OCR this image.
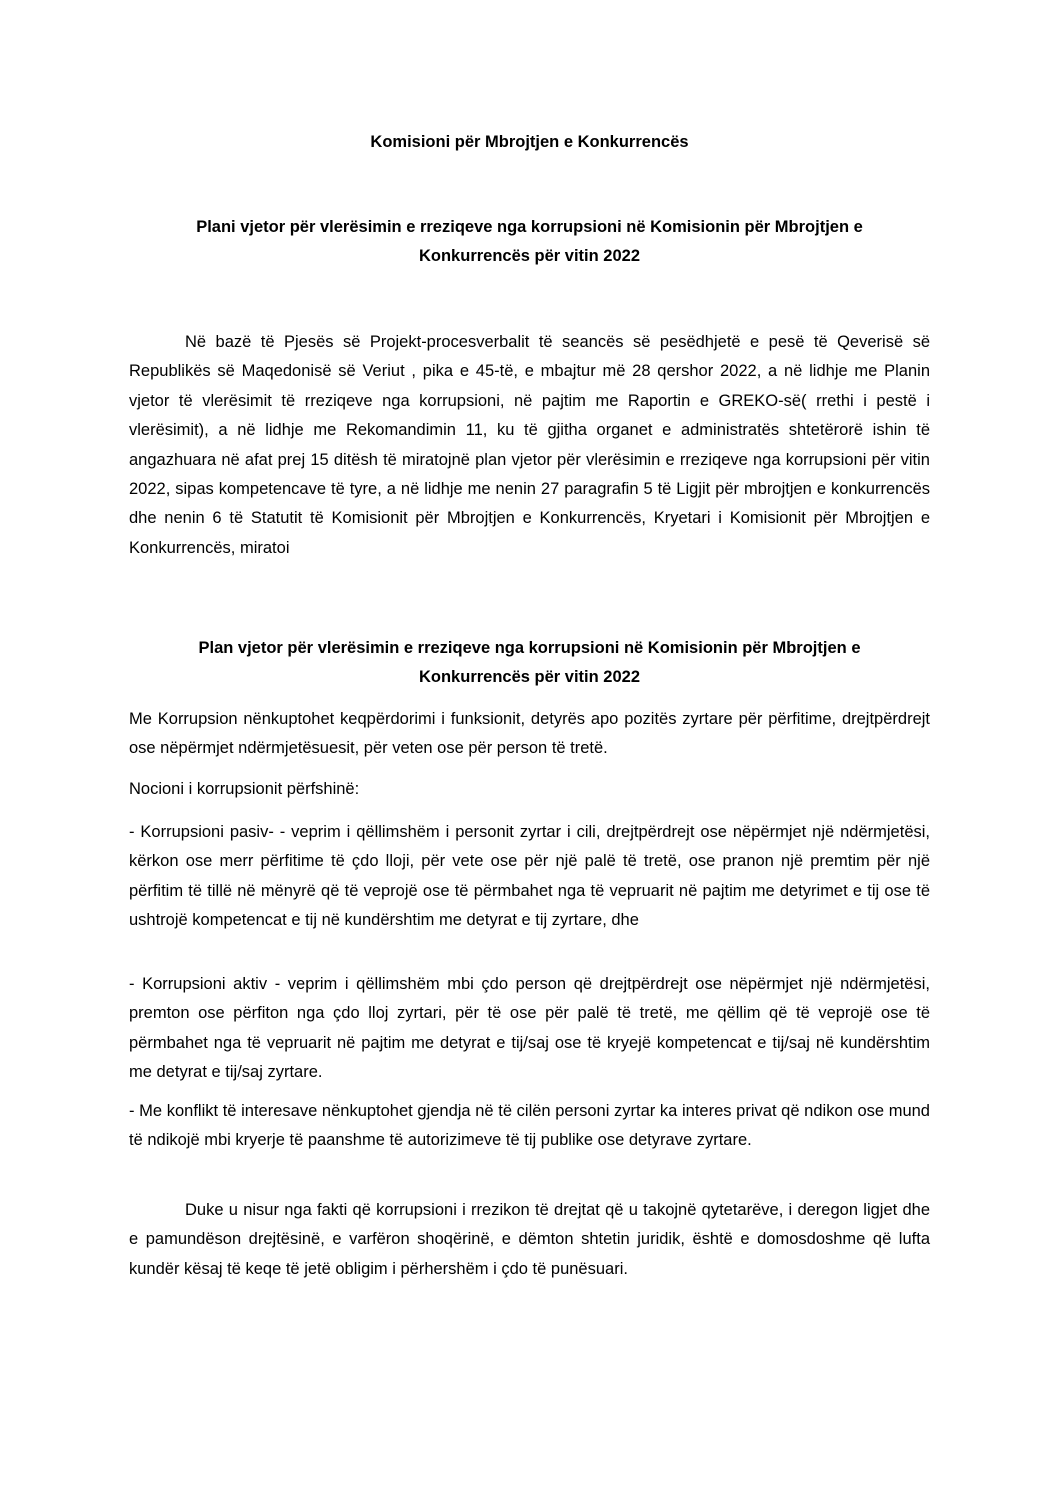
Komisioni për Mbrojtjen e Konkurrencës

Plani vjetor për vlerësimin e rreziqeve nga korrupsioni në Komisionin për Mbrojtjen e
Konkurrencës për vitin 2022

Në bazë të Pjesës së Projekt-procesverbalit të seancës së pesëdhjetë e pesë të Qeverisë së Republikës së Maqedonisë së Veriut , pika e 45-të, e mbajtur më 28 qershor 2022, a në lidhje me Planin vjetor të vlerësimit të rreziqeve nga korrupsioni, në pajtim me Raportin e GREKO-së( rrethi i pestë i vlerësimit), a në lidhje me Rekomandimin 11, ku të gjitha organet e administratës shtetërorë ishin të angazhuara në afat prej 15 ditësh të miratojnë plan vjetor për vlerësimin e rreziqeve nga korrupsioni për vitin 2022, sipas kompetencave të tyre, a në lidhje me nenin 27 paragrafin 5 të Ligjit për mbrojtjen e konkurrencës dhe nenin 6 të Statutit të Komisionit për Mbrojtjen e Konkurrencës, Kryetari i Komisionit për Mbrojtjen e Konkurrencës, miratoi

Plan vjetor për vlerësimin e rreziqeve nga korrupsioni në Komisionin për Mbrojtjen e
Konkurrencës për vitin 2022

Me Korrupsion nënkuptohet keqpërdorimi i funksionit, detyrës apo pozitës zyrtare për përfitime, drejtpërdrejt ose nëpërmjet ndërmjetësuesit, për veten ose për person të tretë.

Nocioni i korrupsionit përfshinë:

- Korrupsioni pasiv- - veprim i qëllimshëm i personit zyrtar i cili, drejtpërdrejt ose nëpërmjet një ndërmjetësi, kërkon ose merr përfitime të çdo lloji, për vete ose për një palë të tretë, ose pranon një premtim për një përfitim të tillë në mënyrë që të veprojë ose të përmbahet nga të vepruarit në pajtim me detyrimet e tij ose të ushtrojë kompetencat e tij në kundërshtim me detyrat e tij zyrtare, dhe

- Korrupsioni aktiv - veprim i qëllimshëm mbi çdo person që drejtpërdrejt ose nëpërmjet një ndërmjetësi, premton ose përfiton nga çdo lloj zyrtari, për të ose për palë të tretë, me qëllim që të veprojë ose të përmbahet nga të vepruarit në pajtim me detyrat e tij/saj ose të kryejë kompetencat e tij/saj në kundërshtim me detyrat e tij/saj zyrtare.

- Me konflikt të interesave nënkuptohet gjendja në të cilën personi zyrtar ka interes privat që ndikon ose mund të ndikojë mbi kryerje të paanshme të autorizimeve të tij publike ose detyrave zyrtare.

Duke u nisur nga fakti që korrupsioni i rrezikon të drejtat që u takojnë qytetarëve, i deregon ligjet dhe e pamundëson drejtësinë, e varfëron shoqërinë, e dëmton shtetin juridik, është e domosdoshme që lufta kundër kësaj të keqe të jetë obligim i përhershëm i çdo të punësuari.
